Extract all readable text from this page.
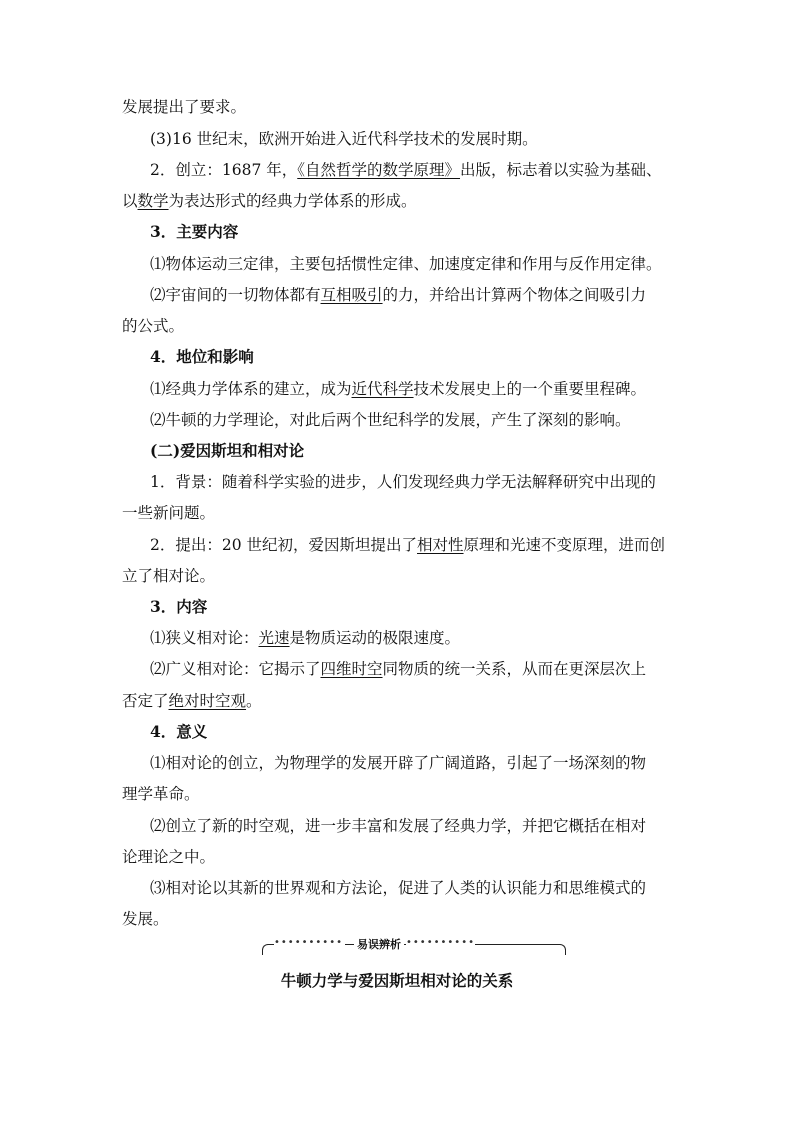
发展提出了要求。
(3)16 世纪末，欧洲开始进入近代科学技术的发展时期。
2．创立：1687 年，《自然哲学的数学原理》出版，标志着以实验为基础、
以数学为表达形式的经典力学体系的形成。
3．主要内容
⑴物体运动三定律，主要包括惯性定律、加速度定律和作用与反作用定律。
⑵宇宙间的一切物体都有互相吸引的力，并给出计算两个物体之间吸引力
的公式。
4．地位和影响
⑴经典力学体系的建立，成为近代科学技术发展史上的一个重要里程碑。
⑵牛顿的力学理论，对此后两个世纪科学的发展，产生了深刻的影响。
(二)爱因斯坦和相对论
1．背景：随着科学实验的进步，人们发现经典力学无法解释研究中出现的
一些新问题。
2．提出：20 世纪初，爱因斯坦提出了相对性原理和光速不变原理，进而创
立了相对论。
3．内容
⑴狭义相对论：光速是物质运动的极限速度。
⑵广义相对论：它揭示了四维时空同物质的统一关系，从而在更深层次上
否定了绝对时空观。
4．意义
⑴相对论的创立，为物理学的发展开辟了广阔道路，引起了一场深刻的物
理学革命。
⑵创立了新的时空观，进一步丰富和发展了经典力学，并把它概括在相对
论理论之中。
⑶相对论以其新的世界观和方法论，促进了人类的认识能力和思维模式的
发展。
•••••••••• 易误辨析 ••••••••••
牛顿力学与爱因斯坦相对论的关系
